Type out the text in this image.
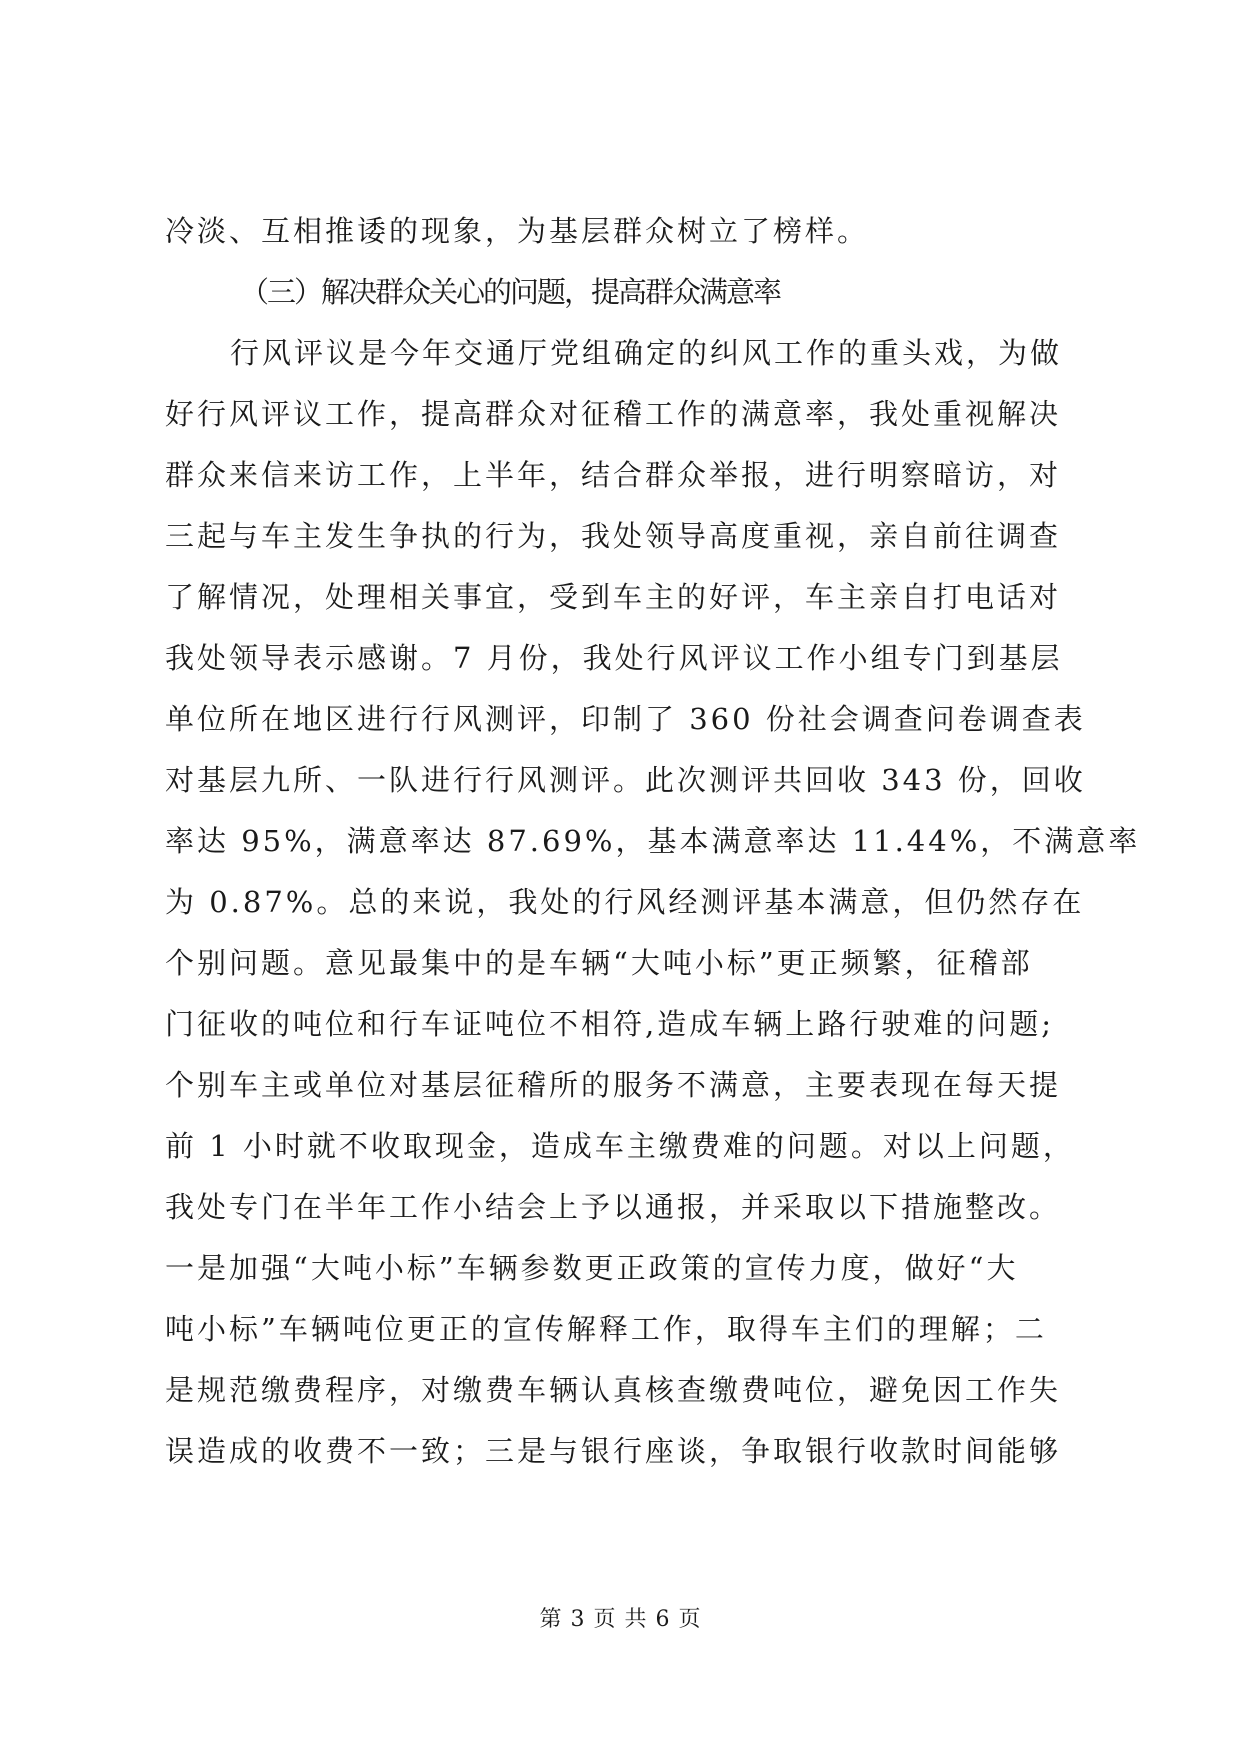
冷淡、互相推诿的现象，为基层群众树立了榜样。
（三）解决群众关心的问题，提高群众满意率
行风评议是今年交通厅党组确定的纠风工作的重头戏，为做
好行风评议工作，提高群众对征稽工作的满意率，我处重视解决
群众来信来访工作，上半年，结合群众举报，进行明察暗访，对
三起与车主发生争执的行为，我处领导高度重视，亲自前往调查
了解情况，处理相关事宜，受到车主的好评，车主亲自打电话对
我处领导表示感谢。7 月份，我处行风评议工作小组专门到基层
单位所在地区进行行风测评，印制了 360 份社会调查问卷调查表
对基层九所、一队进行行风测评。此次测评共回收 343 份，回收
率达 95%，满意率达 87.69%，基本满意率达 11.44%，不满意率
为 0.87%。总的来说，我处的行风经测评基本满意，但仍然存在
个别问题。意见最集中的是车辆“大吨小标”更正频繁，征稽部
门征收的吨位和行车证吨位不相符,造成车辆上路行驶难的问题;
个别车主或单位对基层征稽所的服务不满意，主要表现在每天提
前 1 小时就不收取现金，造成车主缴费难的问题。对以上问题，
我处专门在半年工作小结会上予以通报，并采取以下措施整改。
一是加强“大吨小标”车辆参数更正政策的宣传力度，做好“大
吨小标”车辆吨位更正的宣传解释工作，取得车主们的理解；二
是规范缴费程序，对缴费车辆认真核查缴费吨位，避免因工作失
误造成的收费不一致；三是与银行座谈，争取银行收款时间能够
第 3 页 共 6 页
